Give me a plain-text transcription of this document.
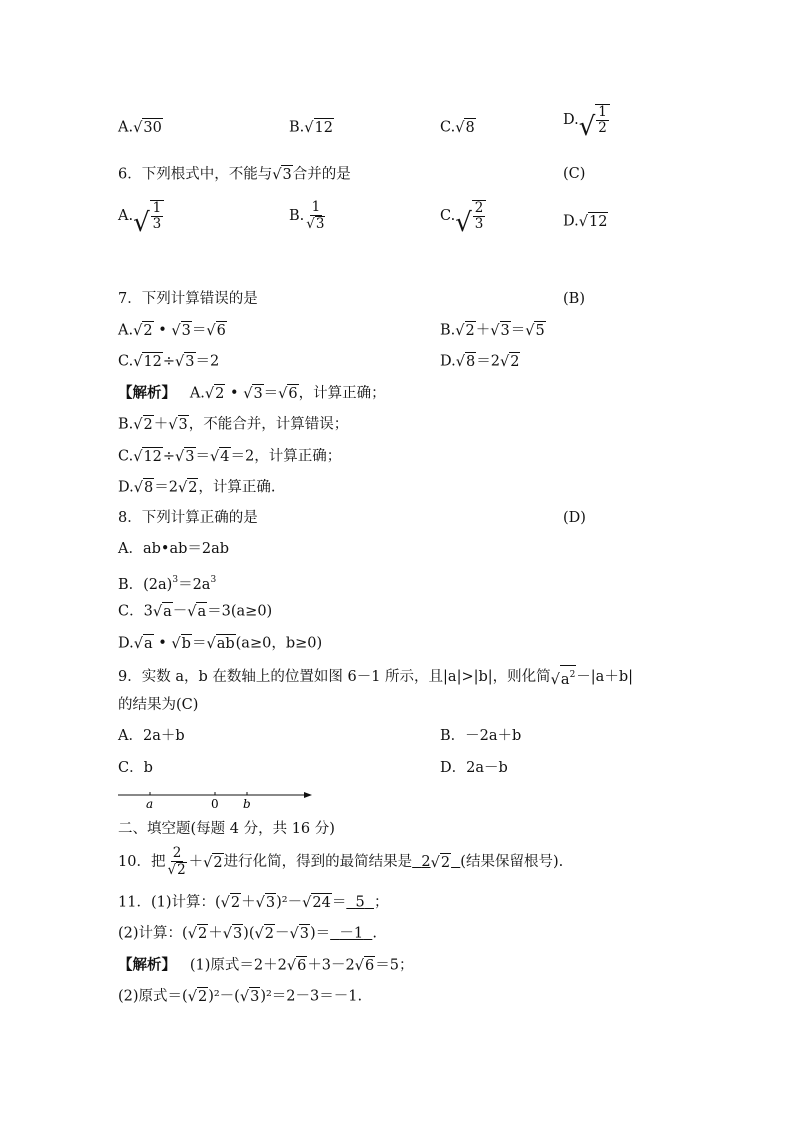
A.√30	B.√12	C.√8	$D.√ \frac{1}{2}$
6．下列根式中，不能与√3合并的是	(C)
$A.√ \frac{1}{3}$	B. $\frac{1}{√3}$	$C.√ \frac{2}{3}$	D.√12
7．下列计算错误的是	(B)
A.√2 • √3＝√6	B.√2＋√3＝√5
C.√12÷√3＝2	D.√8＝2√2
【解析】 A.√2 • √3＝√6，计算正确；
B.√2＋√3，不能合并，计算错误；
C.√12÷√3＝√4＝2，计算正确；
D.√8＝2√2，计算正确.
8．下列计算正确的是	(D)
A．ab•ab＝2ab
B．$(2a)^3=2a^3$
C．3√a－√a＝3(a≥0)
D.√a • √b＝√ab(a≥0，b≥0)
9．实数 a，b 在数轴上的位置如图 6－1 所示，且|a|>|b|，则化简$√a^2-|a+b|$
的结果为(C)
A．2a＋b	B．－2a＋b
C．b	D．2a－b
a	0 b
二、填空题(每题 4 分，共 16 分)
10．把 $\frac{2}{√2} +√2$进行化简，得到的最简结果是 2√2 (结果保留根号).
11．(1)计算：(√2＋√3)²－√24＝ 5 ；
(2)计算：(√2＋√3)(√2－√3)＝ －1 .
【解析】 (1)原式＝2＋2√6＋3－2√6＝5；
(2)原式＝(√2)²－(√3)²＝2－3＝－1.
